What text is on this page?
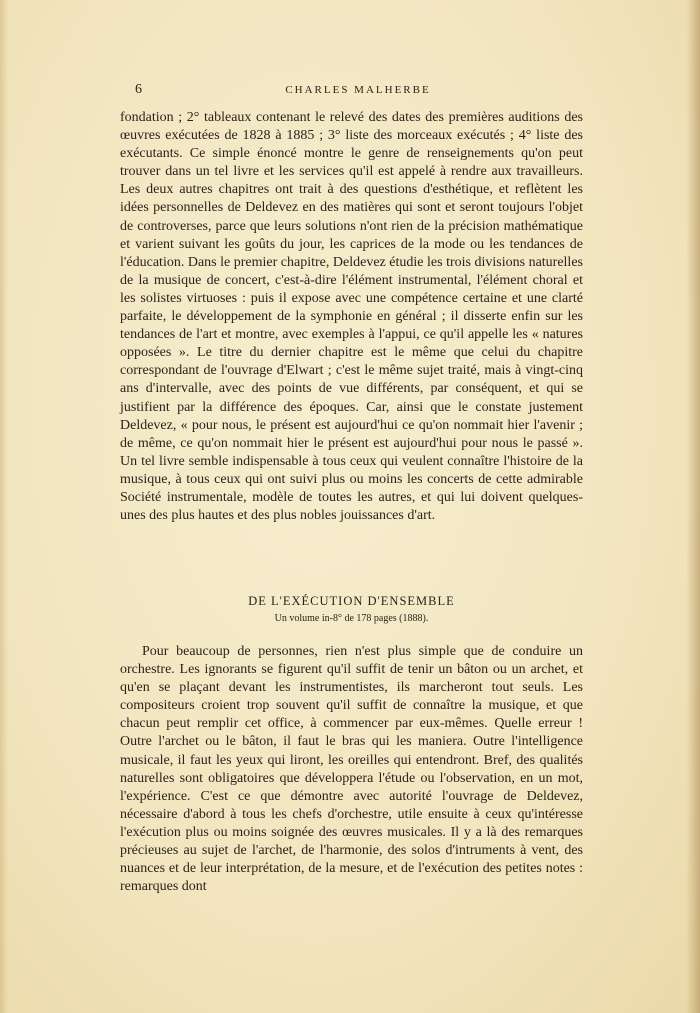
6	CHARLES MALHERBE

fondation ; 2° tableaux contenant le relevé des dates des premières auditions des œuvres exécutées de 1828 à 1885 ; 3° liste des morceaux exécutés ; 4° liste des exécutants. Ce simple énoncé montre le genre de renseignements qu'on peut trouver dans un tel livre et les services qu'il est appelé à rendre aux travailleurs. Les deux autres chapitres ont trait à des questions d'esthétique, et reflètent les idées personnelles de Deldevez en des matières qui sont et seront toujours l'objet de controverses, parce que leurs solutions n'ont rien de la précision mathématique et varient suivant les goûts du jour, les caprices de la mode ou les tendances de l'éducation. Dans le premier chapitre, Deldevez étudie les trois divisions naturelles de la musique de concert, c'est-à-dire l'élément instrumental, l'élément choral et les solistes virtuoses : puis il expose avec une compétence certaine et une clarté parfaite, le développement de la symphonie en général ; il disserte enfin sur les tendances de l'art et montre, avec exemples à l'appui, ce qu'il appelle les « natures opposées ». Le titre du dernier chapitre est le même que celui du chapitre correspondant de l'ouvrage d'Elwart ; c'est le même sujet traité, mais à vingt-cinq ans d'intervalle, avec des points de vue différents, par conséquent, et qui se justifient par la différence des époques. Car, ainsi que le constate justement Deldevez, « pour nous, le présent est aujourd'hui ce qu'on nommait hier l'avenir ; de même, ce qu'on nommait hier le présent est aujourd'hui pour nous le passé ». Un tel livre semble indispensable à tous ceux qui veulent connaître l'histoire de la musique, à tous ceux qui ont suivi plus ou moins les concerts de cette admirable Société instrumentale, modèle de toutes les autres, et qui lui doivent quelques-unes des plus hautes et des plus nobles jouissances d'art.

DE L'EXÉCUTION D'ENSEMBLE
Un volume in-8° de 178 pages (1888).

Pour beaucoup de personnes, rien n'est plus simple que de conduire un orchestre. Les ignorants se figurent qu'il suffit de tenir un bâton ou un archet, et qu'en se plaçant devant les instrumentistes, ils marcheront tout seuls. Les compositeurs croient trop souvent qu'il suffit de connaître la musique, et que chacun peut remplir cet office, à commencer par eux-mêmes. Quelle erreur ! Outre l'archet ou le bâton, il faut le bras qui les maniera. Outre l'intelligence musicale, il faut les yeux qui liront, les oreilles qui entendront. Bref, des qualités naturelles sont obligatoires que développera l'étude ou l'observation, en un mot, l'expérience. C'est ce que démontre avec autorité l'ouvrage de Deldevez, nécessaire d'abord à tous les chefs d'orchestre, utile ensuite à ceux qu'intéresse l'exécution plus ou moins soignée des œuvres musicales. Il y a là des remarques précieuses au sujet de l'archet, de l'harmonie, des solos d'intruments à vent, des nuances et de leur interprétation, de la mesure, et de l'exécution des petites notes : remarques dont
